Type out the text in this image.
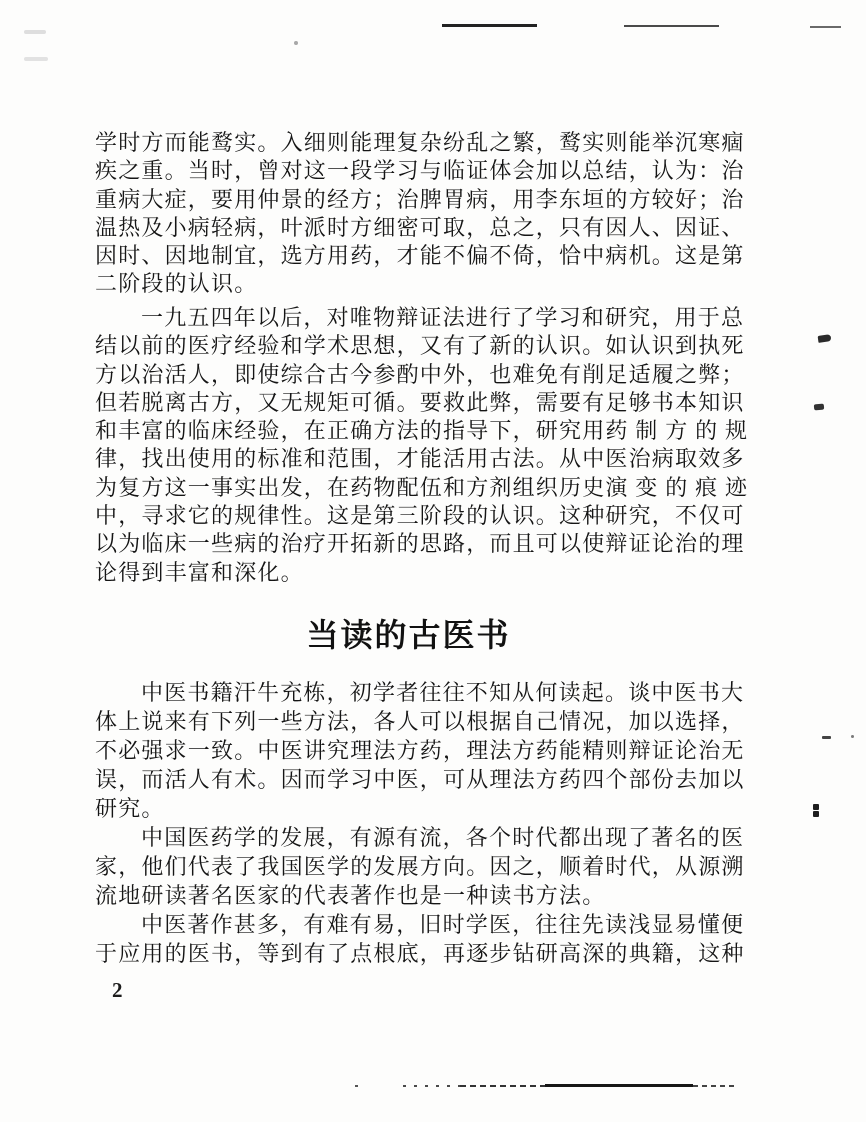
学时方而能鹜实。入细则能理复杂纷乱之繁，鹜实则能举沉寒痼
疾之重。当时，曾对这一段学习与临证体会加以总结，认为：治
重病大症，要用仲景的经方；治脾胃病，用李东垣的方较好；治
温热及小病轻病，叶派时方细密可取，总之，只有因人、因证、
因时、因地制宜，选方用药，才能不偏不倚，恰中病机。这是第
二阶段的认识。

一九五四年以后，对唯物辩证法进行了学习和研究，用于总
结以前的医疗经验和学术思想，又有了新的认识。如认识到执死
方以治活人，即使综合古今参酌中外，也难免有削足适履之弊；
但若脱离古方，又无规矩可循。要救此弊，需要有足够书本知识
和丰富的临床经验，在正确方法的指导下，研究用药 制 方 的 规
律，找出使用的标准和范围，才能活用古法。从中医治病取效多
为复方这一事实出发，在药物配伍和方剂组织历史演 变 的 痕 迹
中，寻求它的规律性。这是第三阶段的认识。这种研究，不仅可
以为临床一些病的治疗开拓新的思路，而且可以使辩证论治的理
论得到丰富和深化。

当读的古医书

中医书籍汗牛充栋，初学者往往不知从何读起。谈中医书大
体上说来有下列一些方法，各人可以根据自己情况，加以选择，
不必强求一致。中医讲究理法方药，理法方药能精则辩证论治无
误，而活人有术。因而学习中医，可从理法方药四个部份去加以
研究。

中国医药学的发展，有源有流，各个时代都出现了著名的医
家，他们代表了我国医学的发展方向。因之，顺着时代，从源溯
流地研读著名医家的代表著作也是一种读书方法。

中医著作甚多，有难有易，旧时学医，往往先读浅显易懂便
于应用的医书，等到有了点根底，再逐步钻研高深的典籍，这种

2
